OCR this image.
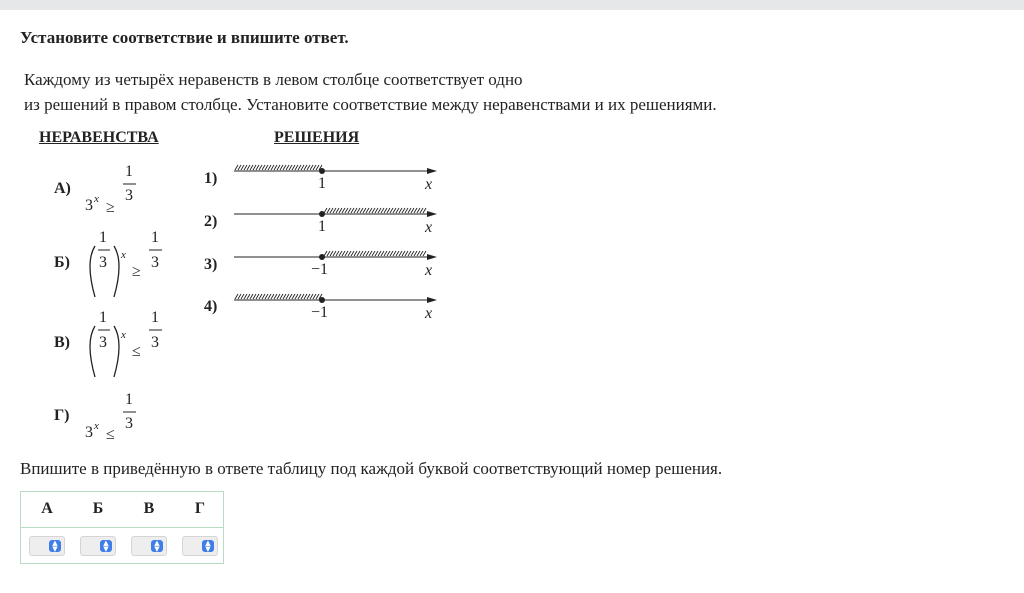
Установите соответствие и впишите ответ.
Каждому из четырёх неравенств в левом столбце соответствует одно
из решений в правом столбце. Установите соответствие между неравенствами и их решениями.
НЕРАВЕНСТВА	РЕШЕНИЯ
А)
3 x ≥
1
3
Б)
1
3 x
≥
1
3
В)
1
3 x
≤
1
3
Г)
3 x ≤
1
3
1)
2)
3)
4)
1	x
1	x
−1	x
−1	x
Впишите в приведённую в ответе таблицу под каждой буквой соответствующий номер решения.
А Б	В	Г
▲
▼
▲
▼
▲
▼
▲
▼
